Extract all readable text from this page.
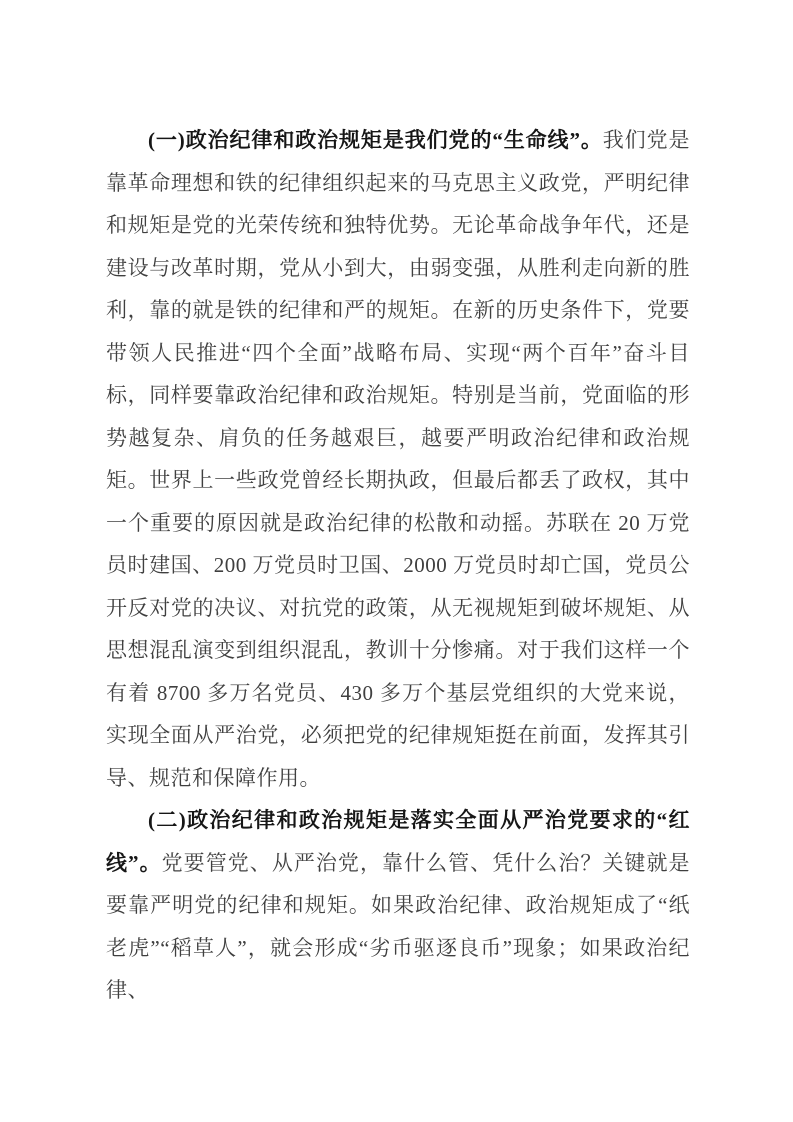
(一)政治纪律和政治规矩是我们党的“生命线”。我们党是靠革命理想和铁的纪律组织起来的马克思主义政党，严明纪律和规矩是党的光荣传统和独特优势。无论革命战争年代，还是建设与改革时期，党从小到大，由弱变强，从胜利走向新的胜利，靠的就是铁的纪律和严的规矩。在新的历史条件下，党要带领人民推进“四个全面”战略布局、实现“两个百年”奋斗目标，同样要靠政治纪律和政治规矩。特别是当前，党面临的形势越复杂、肩负的任务越艰巨，越要严明政治纪律和政治规矩。世界上一些政党曾经长期执政，但最后都丢了政权，其中一个重要的原因就是政治纪律的松散和动摇。苏联在 20 万党员时建国、200 万党员时卫国、2000 万党员时却亡国，党员公开反对党的决议、对抗党的政策，从无视规矩到破坏规矩、从思想混乱演变到组织混乱，教训十分惨痛。对于我们这样一个有着 8700 多万名党员、430 多万个基层党组织的大党来说，实现全面从严治党，必须把党的纪律规矩挺在前面，发挥其引导、规范和保障作用。

(二)政治纪律和政治规矩是落实全面从严治党要求的“红线”。党要管党、从严治党，靠什么管、凭什么治？关键就是要靠严明党的纪律和规矩。如果政治纪律、政治规矩成了“纸老虎”“稻草人”，就会形成“劣币驱逐良币”现象；如果政治纪律、
